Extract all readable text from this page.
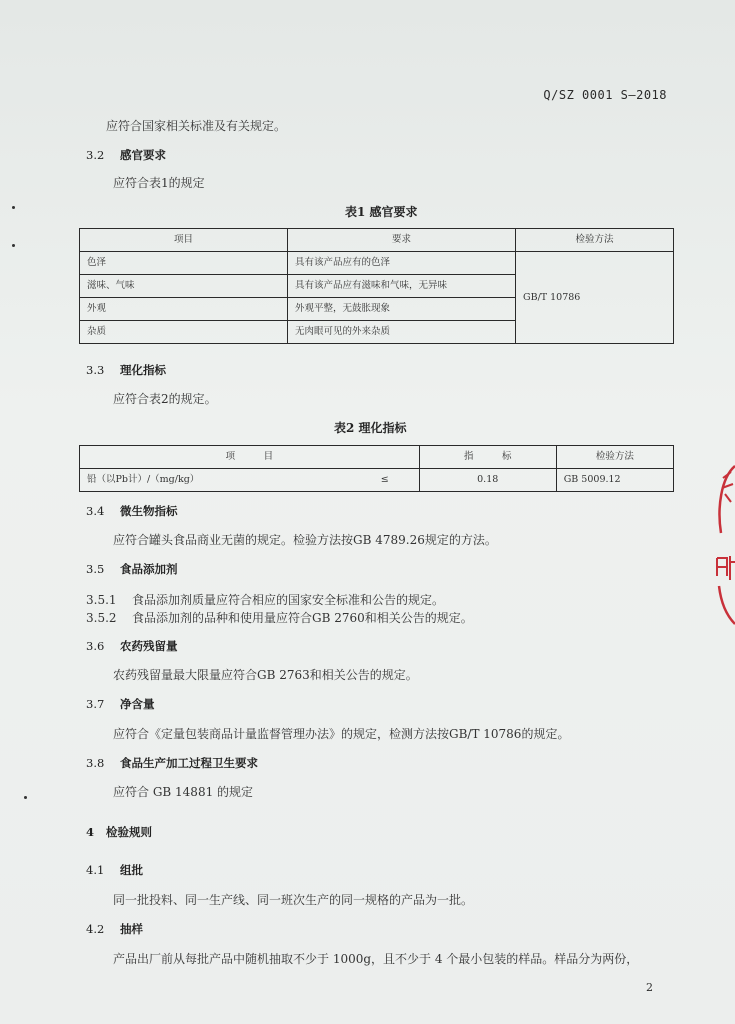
Q/SZ 0001 S—2018
应符合国家相关标准及有关规定。
3.2 感官要求
应符合表1的规定
表1 感官要求
项目	要求	检验方法
色泽	具有该产品应有的色泽	GB/T 10786
滋味、气味	具有该产品应有滋味和气味，无异味	
外观	外观平整，无鼓胀现象	
杂质	无肉眼可见的外来杂质	
3.3 理化指标
应符合表2的规定。
表2 理化指标
项　　　目		指　　　标	检验方法
铅（以Pb计）/（mg/kg）	≤	0.18	GB 5009.12
3.4 微生物指标
应符合罐头食品商业无菌的规定。检验方法按GB 4789.26规定的方法。
3.5 食品添加剂
3.5.1 食品添加剂质量应符合相应的国家安全标准和公告的规定。
3.5.2 食品添加剂的品种和使用量应符合GB 2760和相关公告的规定。
3.6 农药残留量
农药残留量最大限量应符合GB 2763和相关公告的规定。
3.7 净含量
应符合《定量包装商品计量监督管理办法》的规定，检测方法按GB/T 10786的规定。
3.8 食品生产加工过程卫生要求
应符合 GB 14881 的规定
4 检验规则
4.1 组批
同一批投料、同一生产线、同一班次生产的同一规格的产品为一批。
4.2 抽样
产品出厂前从每批产品中随机抽取不少于 1000g，且不少于 4 个最小包装的样品。样品分为两份，
2
